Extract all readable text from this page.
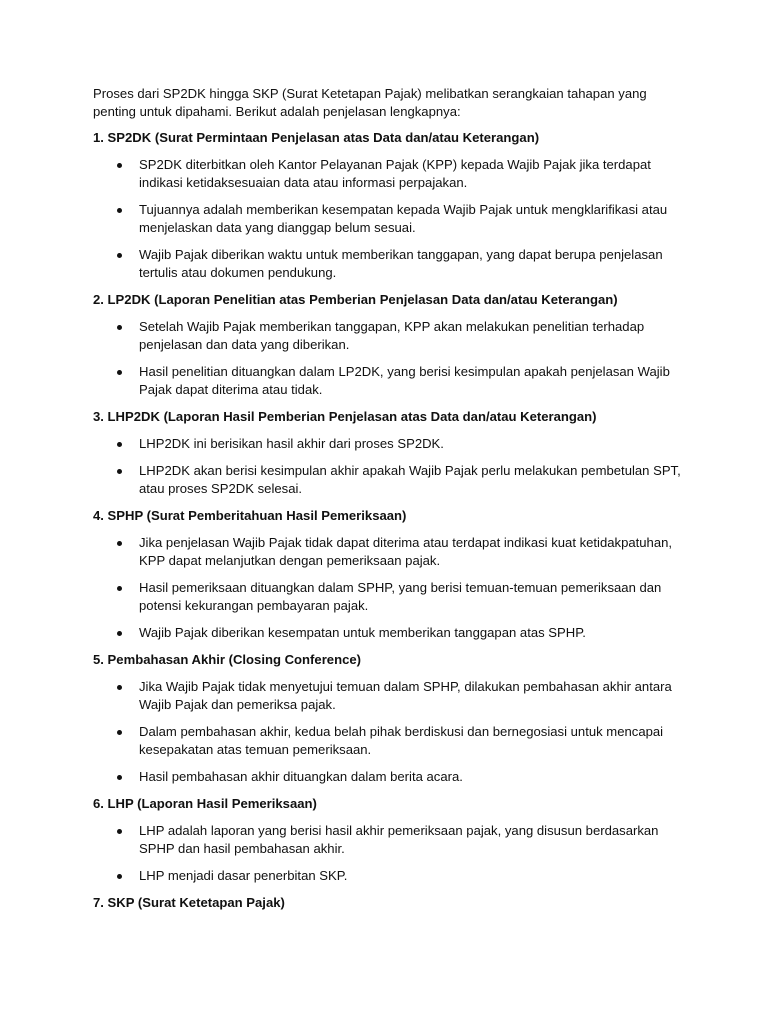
Proses dari SP2DK hingga SKP (Surat Ketetapan Pajak) melibatkan serangkaian tahapan yang penting untuk dipahami. Berikut adalah penjelasan lengkapnya:

1. SP2DK (Surat Permintaan Penjelasan atas Data dan/atau Keterangan)

SP2DK diterbitkan oleh Kantor Pelayanan Pajak (KPP) kepada Wajib Pajak jika terdapat indikasi ketidaksesuaian data atau informasi perpajakan.
Tujuannya adalah memberikan kesempatan kepada Wajib Pajak untuk mengklarifikasi atau menjelaskan data yang dianggap belum sesuai.
Wajib Pajak diberikan waktu untuk memberikan tanggapan, yang dapat berupa penjelasan tertulis atau dokumen pendukung.

2. LP2DK (Laporan Penelitian atas Pemberian Penjelasan Data dan/atau Keterangan)

Setelah Wajib Pajak memberikan tanggapan, KPP akan melakukan penelitian terhadap penjelasan dan data yang diberikan.
Hasil penelitian dituangkan dalam LP2DK, yang berisi kesimpulan apakah penjelasan Wajib Pajak dapat diterima atau tidak.

3. LHP2DK (Laporan Hasil Pemberian Penjelasan atas Data dan/atau Keterangan)

LHP2DK ini berisikan hasil akhir dari proses SP2DK.
LHP2DK akan berisi kesimpulan akhir apakah Wajib Pajak perlu melakukan pembetulan SPT, atau proses SP2DK selesai.

4. SPHP (Surat Pemberitahuan Hasil Pemeriksaan)

Jika penjelasan Wajib Pajak tidak dapat diterima atau terdapat indikasi kuat ketidakpatuhan, KPP dapat melanjutkan dengan pemeriksaan pajak.
Hasil pemeriksaan dituangkan dalam SPHP, yang berisi temuan-temuan pemeriksaan dan potensi kekurangan pembayaran pajak.
Wajib Pajak diberikan kesempatan untuk memberikan tanggapan atas SPHP.

5. Pembahasan Akhir (Closing Conference)

Jika Wajib Pajak tidak menyetujui temuan dalam SPHP, dilakukan pembahasan akhir antara Wajib Pajak dan pemeriksa pajak.
Dalam pembahasan akhir, kedua belah pihak berdiskusi dan bernegosiasi untuk mencapai kesepakatan atas temuan pemeriksaan.
Hasil pembahasan akhir dituangkan dalam berita acara.

6. LHP (Laporan Hasil Pemeriksaan)

LHP adalah laporan yang berisi hasil akhir pemeriksaan pajak, yang disusun berdasarkan SPHP dan hasil pembahasan akhir.
LHP menjadi dasar penerbitan SKP.

7. SKP (Surat Ketetapan Pajak)
